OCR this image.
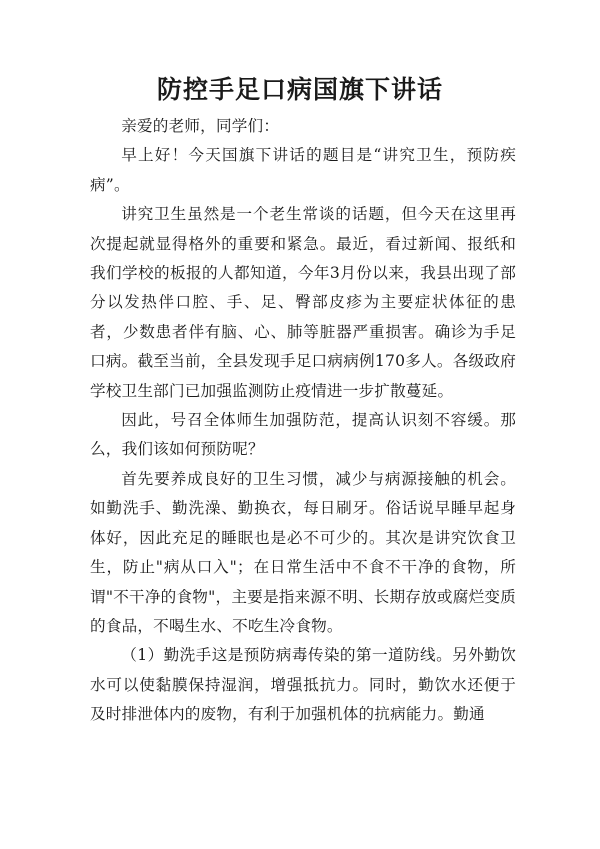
防控手足口病国旗下讲话

亲爱的老师，同学们：

早上好！今天国旗下讲话的题目是“讲究卫生，预防疾病”。

讲究卫生虽然是一个老生常谈的话题，但今天在这里再次提起就显得格外的重要和紧急。最近，看过新闻、报纸和我们学校的板报的人都知道，今年3月份以来，我县出现了部分以发热伴口腔、手、足、臀部皮疹为主要症状体征的患者，少数患者伴有脑、心、肺等脏器严重损害。确诊为手足口病。截至当前，全县发现手足口病病例170多人。各级政府学校卫生部门已加强监测防止疫情进一步扩散蔓延。

因此，号召全体师生加强防范，提高认识刻不容缓。那么，我们该如何预防呢？

首先要养成良好的卫生习惯，减少与病源接触的机会。如勤洗手、勤洗澡、勤换衣，每日刷牙。俗话说早睡早起身体好，因此充足的睡眠也是必不可少的。其次是讲究饮食卫生，防止"病从口入"；在日常生活中不食不干净的食物，所谓"不干净的食物"，主要是指来源不明、长期存放或腐烂变质的食品，不喝生水、不吃生冷食物。

（1）勤洗手这是预防病毒传染的第一道防线。另外勤饮水可以使黏膜保持湿润，增强抵抗力。同时，勤饮水还便于及时排泄体内的废物，有利于加强机体的抗病能力。勤通
